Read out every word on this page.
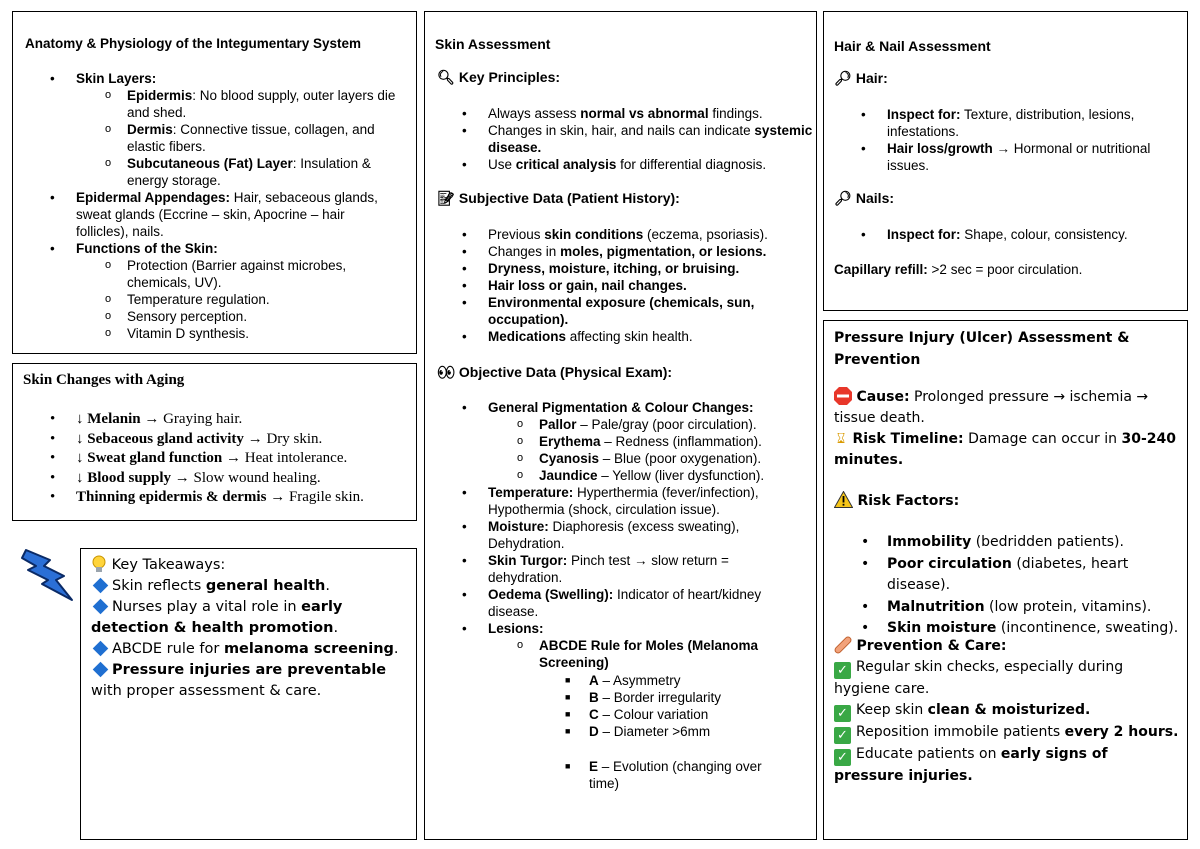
Anatomy & Physiology of the Integumentary System
• Skin Layers:
o Epidermis: No blood supply, outer layers die and shed.
o Dermis: Connective tissue, collagen, and elastic fibers.
o Subcutaneous (Fat) Layer: Insulation & energy storage.
• Epidermal Appendages: Hair, sebaceous glands, sweat glands (Eccrine – skin, Apocrine – hair follicles), nails.
• Functions of the Skin:
o Protection (Barrier against microbes, chemicals, UV).
o Temperature regulation.
o Sensory perception.
o Vitamin D synthesis.
Skin Changes with Aging
• ↓ Melanin → Graying hair.
• ↓ Sebaceous gland activity → Dry skin.
• ↓ Sweat gland function → Heat intolerance.
• ↓ Blood supply → Slow wound healing.
• Thinning epidermis & dermis → Fragile skin.
Key Takeaways:
Skin reflects general health.
Nurses play a vital role in early detection & health promotion.
ABCDE rule for melanoma screening.
Pressure injuries are preventable with proper assessment & care.
Skin Assessment
🔍︎ Key Principles:
• Always assess normal vs abnormal findings.
• Changes in skin, hair, and nails can indicate systemic disease.
• Use critical analysis for differential diagnosis.
📝︎ Subjective Data (Patient History):
• Previous skin conditions (eczema, psoriasis).
• Changes in moles, pigmentation, or lesions.
• Dryness, moisture, itching, or bruising.
• Hair loss or gain, nail changes.
• Environmental exposure (chemicals, sun, occupation).
• Medications affecting skin health.
👀︎ Objective Data (Physical Exam):
• General Pigmentation & Colour Changes:
o Pallor – Pale/gray (poor circulation).
o Erythema – Redness (inflammation).
o Cyanosis – Blue (poor oxygenation).
o Jaundice – Yellow (liver dysfunction).
• Temperature: Hyperthermia (fever/infection), Hypothermia (shock, circulation issue).
• Moisture: Diaphoresis (excess sweating), Dehydration.
• Skin Turgor: Pinch test → slow return = dehydration.
• Oedema (Swelling): Indicator of heart/kidney disease.
• Lesions:
o ABCDE Rule for Moles (Melanoma Screening)
■ A – Asymmetry
■ B – Border irregularity
■ C – Colour variation
■ D – Diameter >6mm
■ E – Evolution (changing over time)
Hair & Nail Assessment
🔎︎ Hair:
• Inspect for: Texture, distribution, lesions, infestations.
• Hair loss/growth → Hormonal or nutritional issues.
🔎︎ Nails:
• Inspect for: Shape, colour, consistency.
Capillary refill: >2 sec = poor circulation.
Pressure Injury (Ulcer) Assessment & Prevention
Cause: Prolonged pressure → ischemia → tissue death.
⌛︎ Risk Timeline: Damage can occur in 30-240 minutes.
Risk Factors:
• Immobility (bedridden patients).
• Poor circulation (diabetes, heart disease).
• Malnutrition (low protein, vitamins).
• Skin moisture (incontinence, sweating).
Prevention & Care:
✓ Regular skin checks, especially during hygiene care.
✓ Keep skin clean & moisturized.
✓ Reposition immobile patients every 2 hours.
✓ Educate patients on early signs of pressure injuries.
